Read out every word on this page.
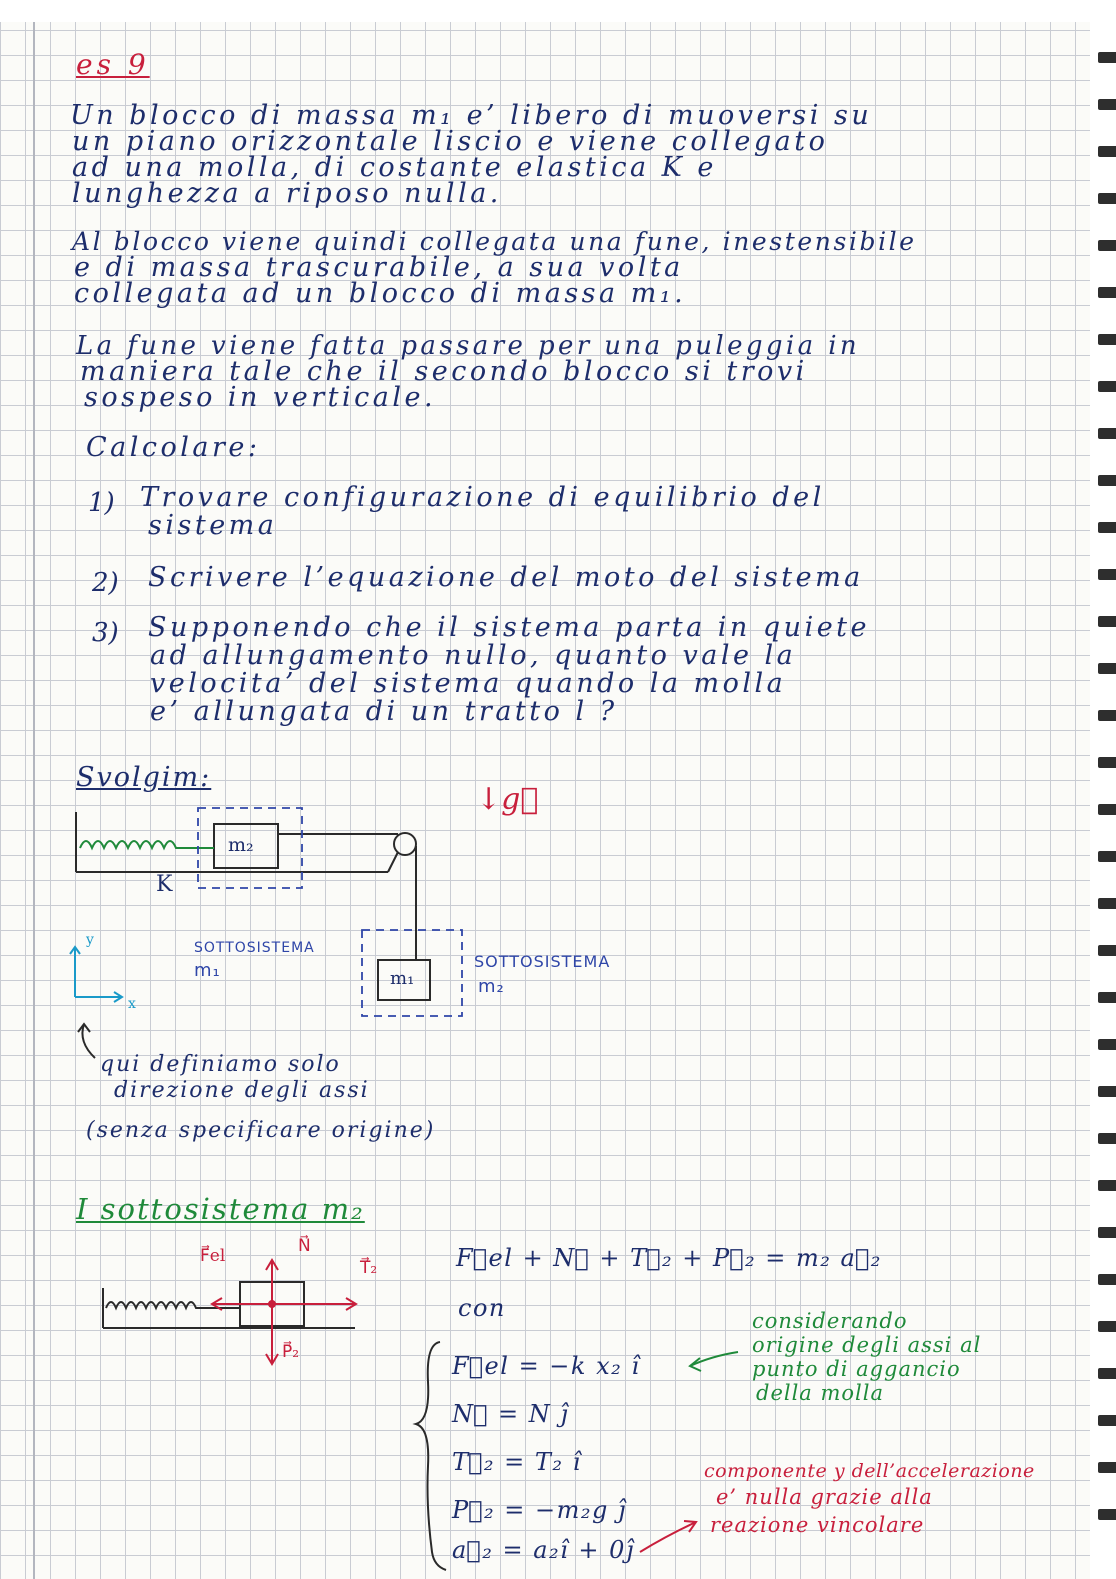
es 9
Un blocco di massa m₁ e’ libero di muoversi su
un piano orizzontale liscio e viene collegato
ad una molla, di costante elastica K e
lunghezza a riposo nulla.
Al blocco viene quindi collegata una fune, inestensibile
e di massa trascurabile, a sua volta
collegata ad un blocco di massa m₁.
La fune viene fatta passare per una puleggia in
maniera tale che il secondo blocco si trovi
sospeso in verticale.
Calcolare:
1) Trovare configurazione di equilibrio del
sistema
2) Scrivere l’equazione del moto del sistema
3) Supponendo che il sistema parta in quiete
ad allungamento nullo, quanto vale la
velocita’ del sistema quando la molla
e’ allungata di un tratto l ?
Svolgim:
↓g⃗
m₂
m₁
K
SOTTOSISTEMA
m₁	SOTTOSISTEMA
m₂
y
x
qui definiamo solo
direzione degli assi
(senza specificare origine)
I sottosistema m₂
F⃗el	N⃗
T⃗₂
P⃗₂
F⃗el + N⃗ + T⃗₂ + P⃗₂ = m₂ a⃗₂
con
F⃗el = −k x₂ î
N⃗ = N ĵ
T⃗₂ = T₂ î
P⃗₂ = −m₂g ĵ
a⃗₂ = a₂î + 0ĵ
considerando
origine degli assi al
punto di aggancio
della molla
componente y dell’accelerazione
e’ nulla grazie alla
reazione vincolare
